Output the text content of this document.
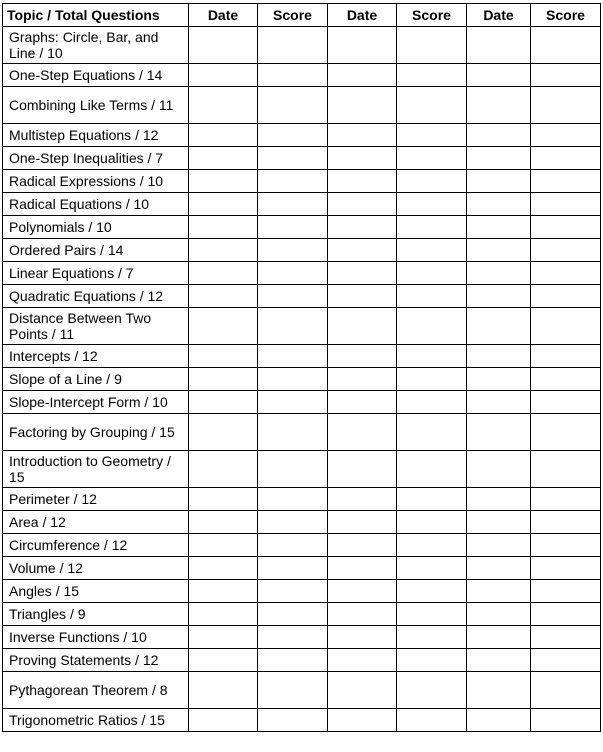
Topic / Total Questions	Date	Score	Date	Score	Date	Score
Graphs: Circle, Bar, and Line / 10						
One-Step Equations / 14						
Combining Like Terms / 11						
Multistep Equations / 12						
One-Step Inequalities / 7						
Radical Expressions / 10						
Radical Equations / 10						
Polynomials / 10						
Ordered Pairs / 14						
Linear Equations / 7						
Quadratic Equations / 12						
Distance Between Two Points / 11						
Intercepts / 12						
Slope of a Line / 9						
Slope-Intercept Form / 10						
Factoring by Grouping / 15						
Introduction to Geometry / 15						
Perimeter / 12						
Area / 12						
Circumference / 12						
Volume / 12						
Angles / 15						
Triangles / 9						
Inverse Functions / 10						
Proving Statements / 12						
Pythagorean Theorem / 8						
Trigonometric Ratios / 15						
